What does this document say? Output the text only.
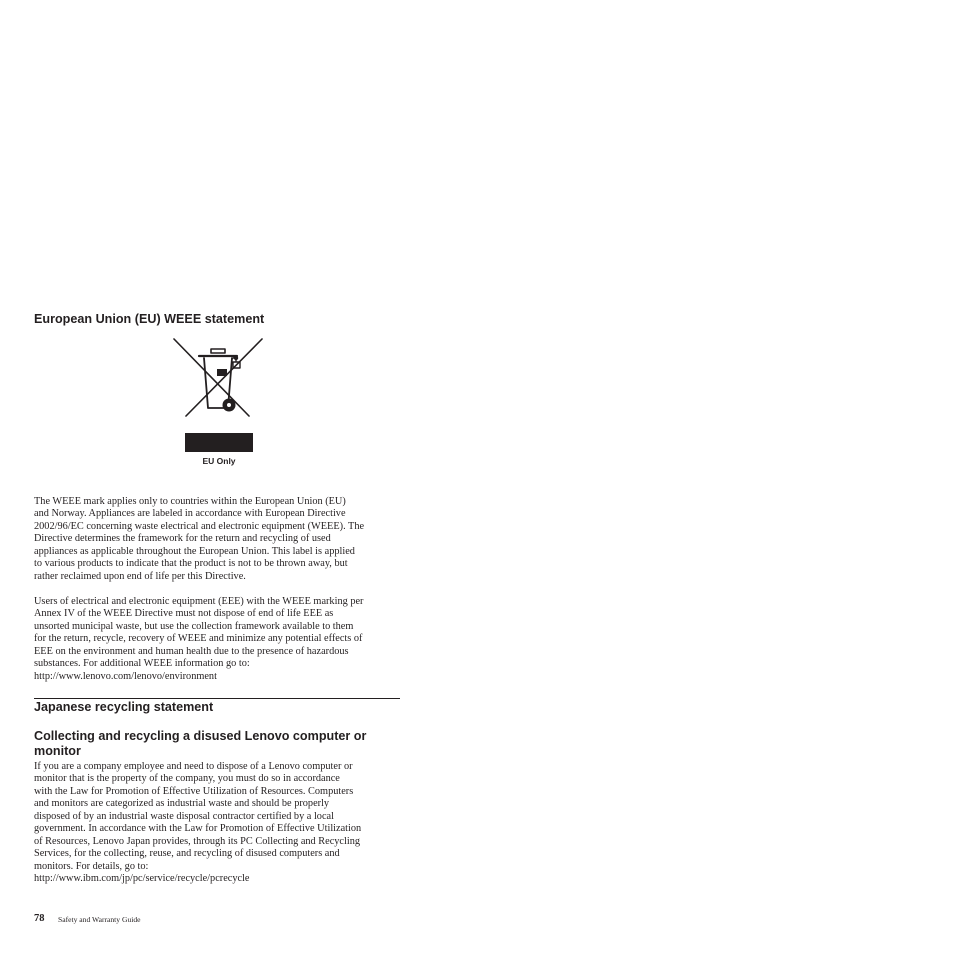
European Union (EU) WEEE statement
EU Only

The WEEE mark applies only to countries within the European Union (EU)
and Norway. Appliances are labeled in accordance with European Directive
2002/96/EC concerning waste electrical and electronic equipment (WEEE). The
Directive determines the framework for the return and recycling of used
appliances as applicable throughout the European Union. This label is applied
to various products to indicate that the product is not to be thrown away, but
rather reclaimed upon end of life per this Directive.

Users of electrical and electronic equipment (EEE) with the WEEE marking per
Annex IV of the WEEE Directive must not dispose of end of life EEE as
unsorted municipal waste, but use the collection framework available to them
for the return, recycle, recovery of WEEE and minimize any potential effects of
EEE on the environment and human health due to the presence of hazardous
substances. For additional WEEE information go to:
http://www.lenovo.com/lenovo/environment

Japanese recycling statement
Collecting and recycling a disused Lenovo computer or
monitor

If you are a company employee and need to dispose of a Lenovo computer or
monitor that is the property of the company, you must do so in accordance
with the Law for Promotion of Effective Utilization of Resources. Computers
and monitors are categorized as industrial waste and should be properly
disposed of by an industrial waste disposal contractor certified by a local
government. In accordance with the Law for Promotion of Effective Utilization
of Resources, Lenovo Japan provides, through its PC Collecting and Recycling
Services, for the collecting, reuse, and recycling of disused computers and
monitors. For details, go to:
http://www.ibm.com/jp/pc/service/recycle/pcrecycle

78 Safety and Warranty Guide
